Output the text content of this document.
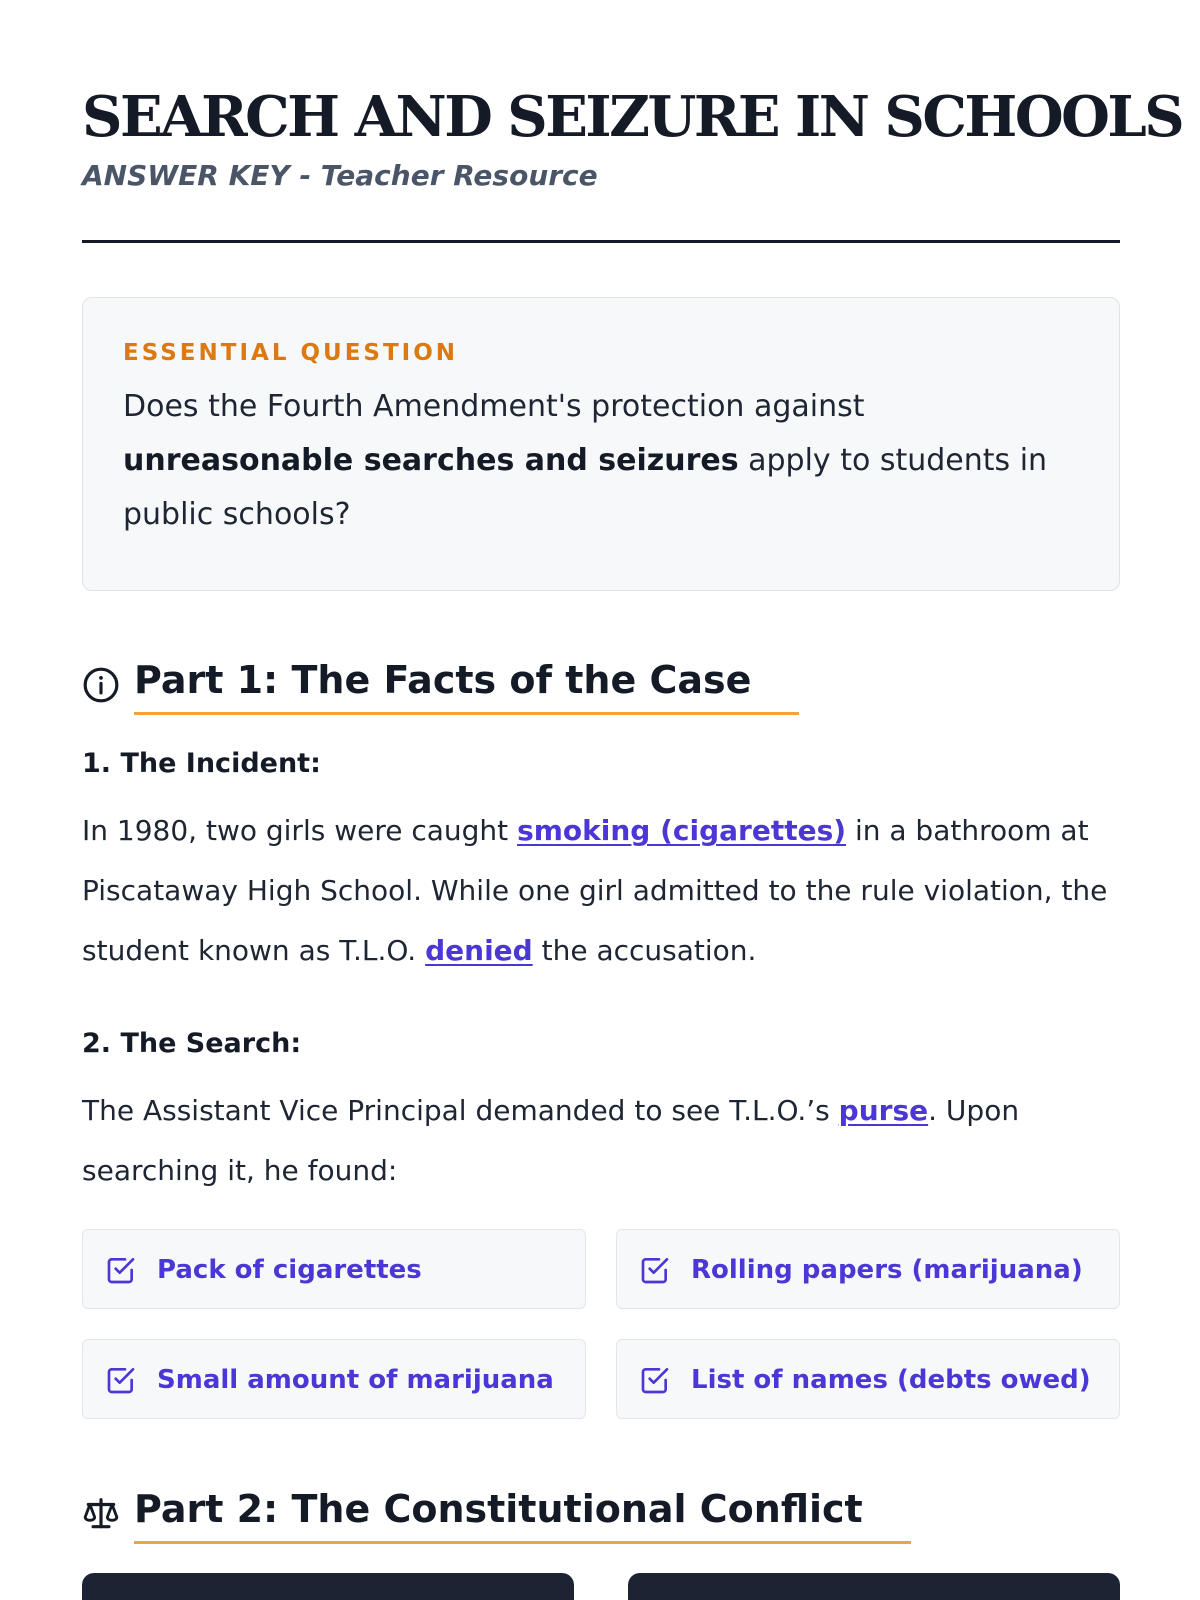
SEARCH AND SEIZURE IN SCHOOLS

ANSWER KEY - Teacher Resource

ESSENTIAL QUESTION

Does the Fourth Amendment's protection against unreasonable searches and seizures apply to students in public schools?

Part 1: The Facts of the Case
1. The Incident:

In 1980, two girls were caught smoking (cigarettes) in a bathroom at Piscataway High School. While one girl admitted to the rule violation, the student known as T.L.O. denied the accusation.

2. The Search:

The Assistant Vice Principal demanded to see T.L.O.’s purse. Upon searching it, he found:

Pack of cigarettes	Rolling papers (marijuana)
Small amount of marijuana	List of names (debts owed)
Part 2: The Constitutional Conflict
